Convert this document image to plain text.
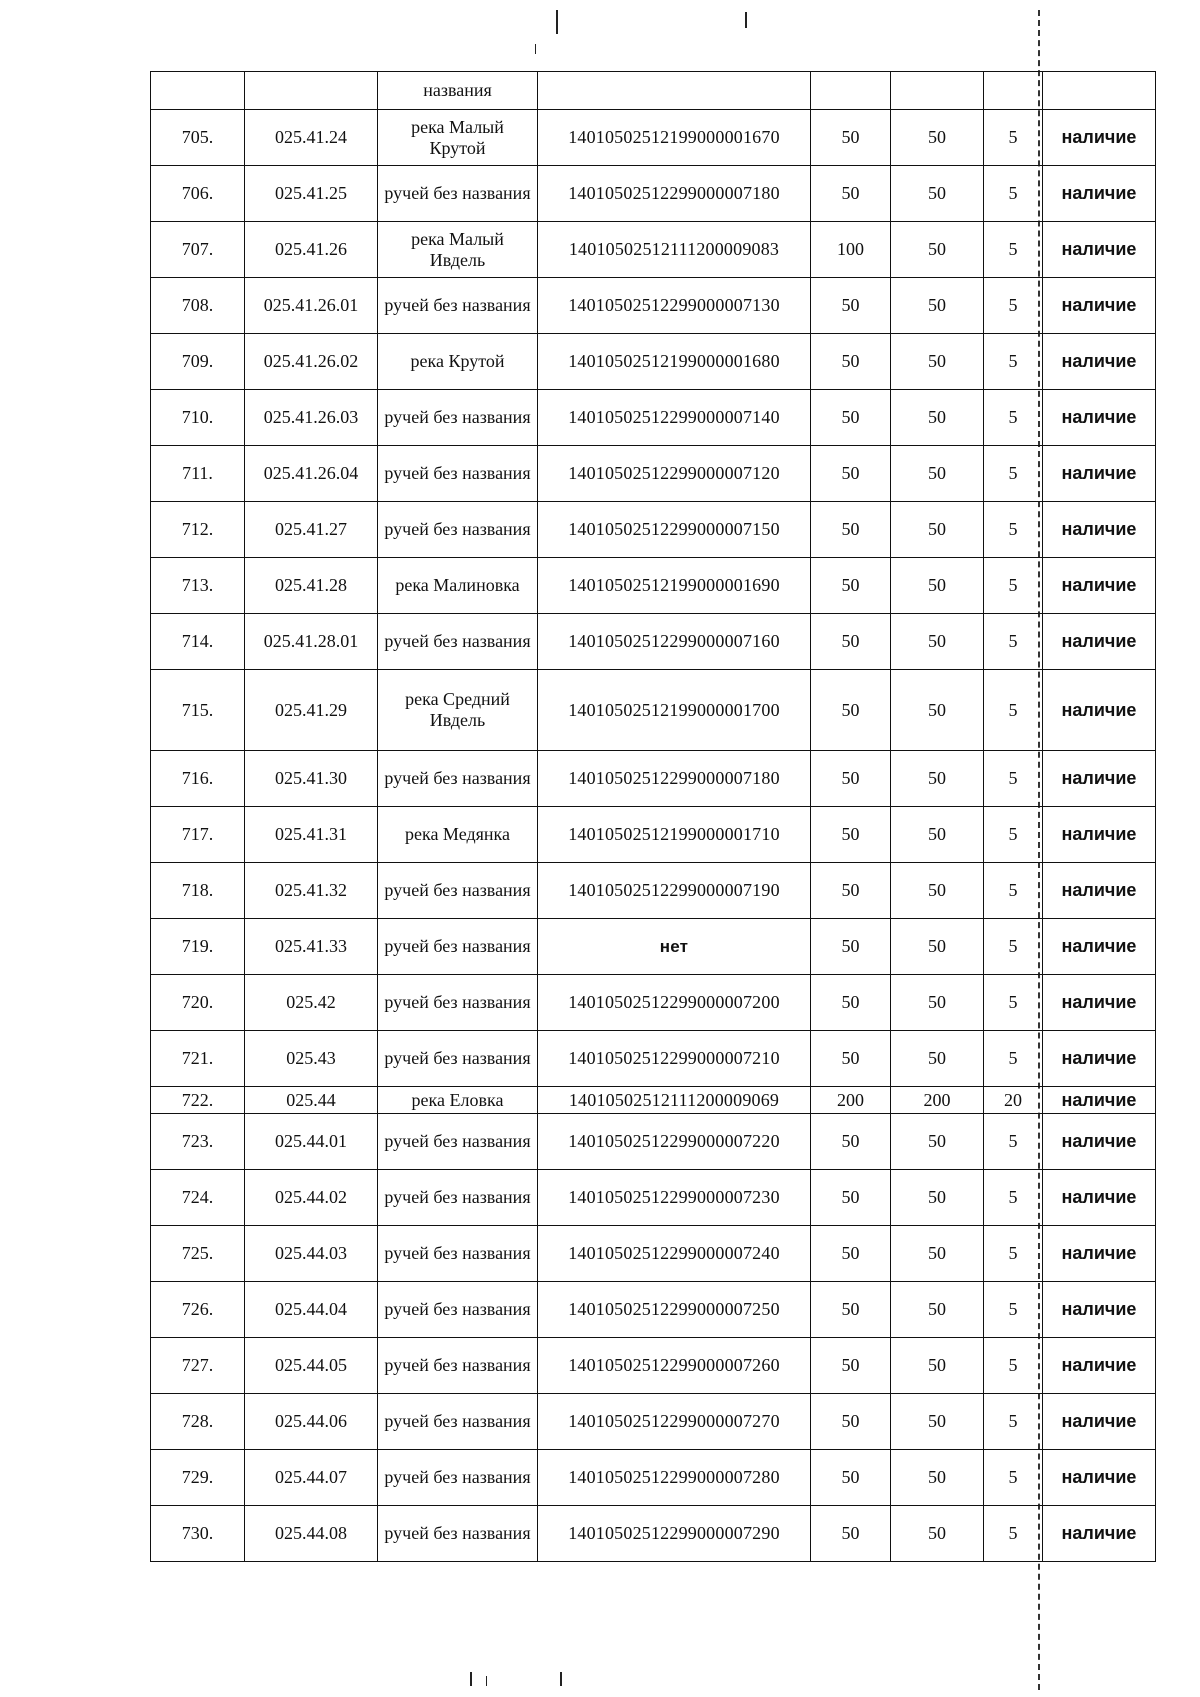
		названия					
705.	025.41.24	река Малый Крутой	14010502512199000001670	50	50	5	наличие
706.	025.41.25	ручей без названия	14010502512299000007180	50	50	5	наличие
707.	025.41.26	река Малый Ивдель	14010502512111200009083	100	50	5	наличие
708.	025.41.26.01	ручей без названия	14010502512299000007130	50	50	5	наличие
709.	025.41.26.02	река Крутой	14010502512199000001680	50	50	5	наличие
710.	025.41.26.03	ручей без названия	14010502512299000007140	50	50	5	наличие
711.	025.41.26.04	ручей без названия	14010502512299000007120	50	50	5	наличие
712.	025.41.27	ручей без названия	14010502512299000007150	50	50	5	наличие
713.	025.41.28	река Малиновка	14010502512199000001690	50	50	5	наличие
714.	025.41.28.01	ручей без названия	14010502512299000007160	50	50	5	наличие
715.	025.41.29	река Средний Ивдель	14010502512199000001700	50	50	5	наличие
716.	025.41.30	ручей без названия	14010502512299000007180	50	50	5	наличие
717.	025.41.31	река Медянка	14010502512199000001710	50	50	5	наличие
718.	025.41.32	ручей без названия	14010502512299000007190	50	50	5	наличие
719.	025.41.33	ручей без названия	нет	50	50	5	наличие
720.	025.42	ручей без названия	14010502512299000007200	50	50	5	наличие
721.	025.43	ручей без названия	14010502512299000007210	50	50	5	наличие
722.	025.44	река Еловка	14010502512111200009069	200	200	20	наличие
723.	025.44.01	ручей без названия	14010502512299000007220	50	50	5	наличие
724.	025.44.02	ручей без названия	14010502512299000007230	50	50	5	наличие
725.	025.44.03	ручей без названия	14010502512299000007240	50	50	5	наличие
726.	025.44.04	ручей без названия	14010502512299000007250	50	50	5	наличие
727.	025.44.05	ручей без названия	14010502512299000007260	50	50	5	наличие
728.	025.44.06	ручей без названия	14010502512299000007270	50	50	5	наличие
729.	025.44.07	ручей без названия	14010502512299000007280	50	50	5	наличие
730.	025.44.08	ручей без названия	14010502512299000007290	50	50	5	наличие
